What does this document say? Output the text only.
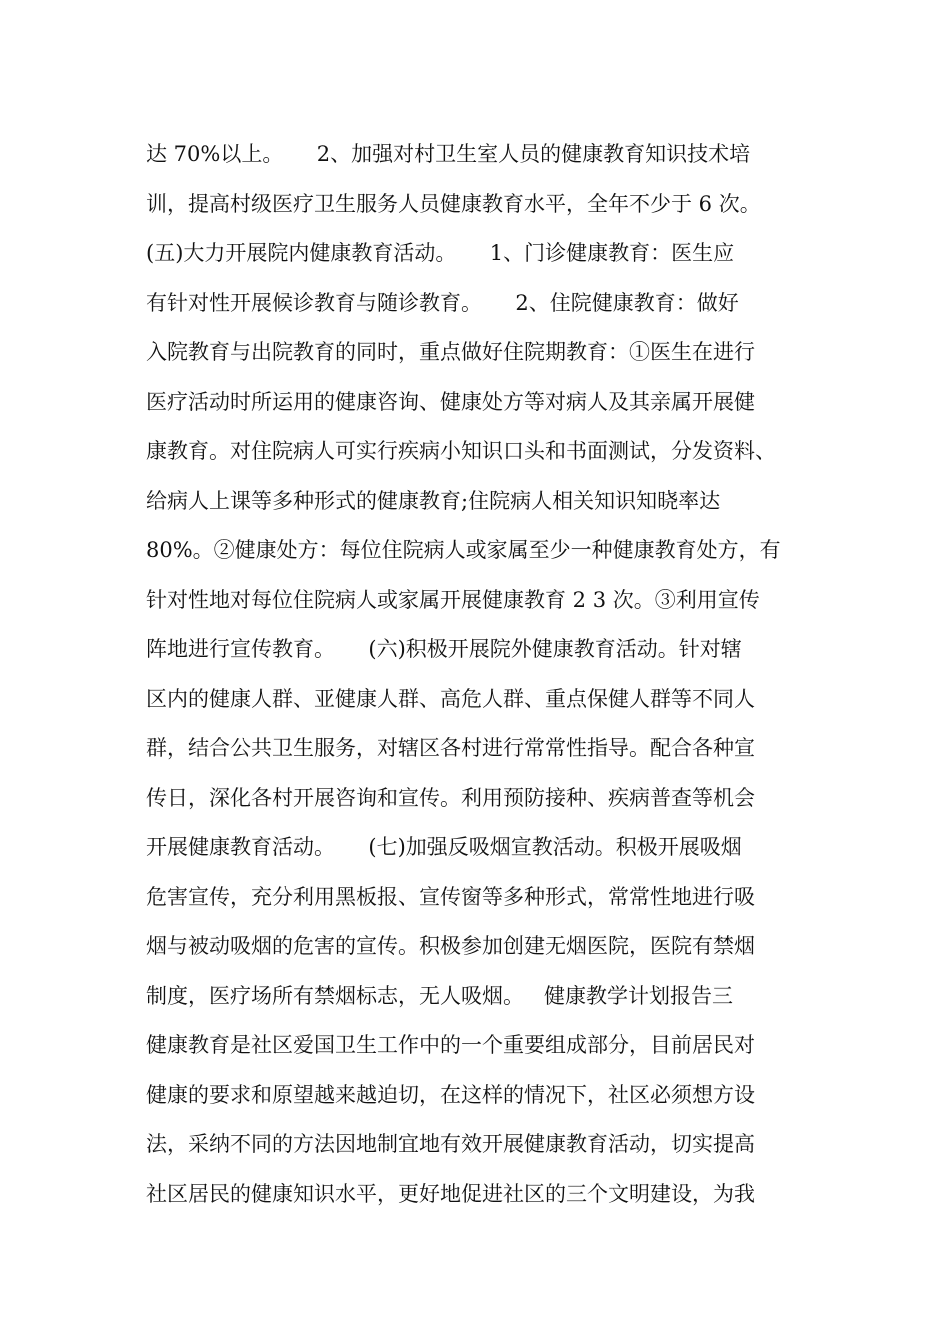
达 70%以上。     2、加强对村卫生室人员的健康教育知识技术培
训，提高村级医疗卫生服务人员健康教育水平，全年不少于 6 次。
(五)大力开展院内健康教育活动。     1、门诊健康教育：医生应
有针对性开展候诊教育与随诊教育。     2、住院健康教育：做好
入院教育与出院教育的同时，重点做好住院期教育：①医生在进行
医疗活动时所运用的健康咨询、健康处方等对病人及其亲属开展健
康教育。对住院病人可实行疾病小知识口头和书面测试，分发资料、
给病人上课等多种形式的健康教育;住院病人相关知识知晓率达
80%。②健康处方：每位住院病人或家属至少一种健康教育处方，有
针对性地对每位住院病人或家属开展健康教育 2 3 次。③利用宣传
阵地进行宣传教育。     (六)积极开展院外健康教育活动。针对辖
区内的健康人群、亚健康人群、高危人群、重点保健人群等不同人
群，结合公共卫生服务，对辖区各村进行常常性指导。配合各种宣
传日，深化各村开展咨询和宣传。利用预防接种、疾病普查等机会
开展健康教育活动。     (七)加强反吸烟宣教活动。积极开展吸烟
危害宣传，充分利用黑板报、宣传窗等多种形式，常常性地进行吸
烟与被动吸烟的危害的宣传。积极参加创建无烟医院，医院有禁烟
制度，医疗场所有禁烟标志，无人吸烟。   健康教学计划报告三
健康教育是社区爱国卫生工作中的一个重要组成部分，目前居民对
健康的要求和原望越来越迫切，在这样的情况下，社区必须想方设
法，采纳不同的方法因地制宜地有效开展健康教育活动，切实提高
社区居民的健康知识水平，更好地促进社区的三个文明建设，为我
